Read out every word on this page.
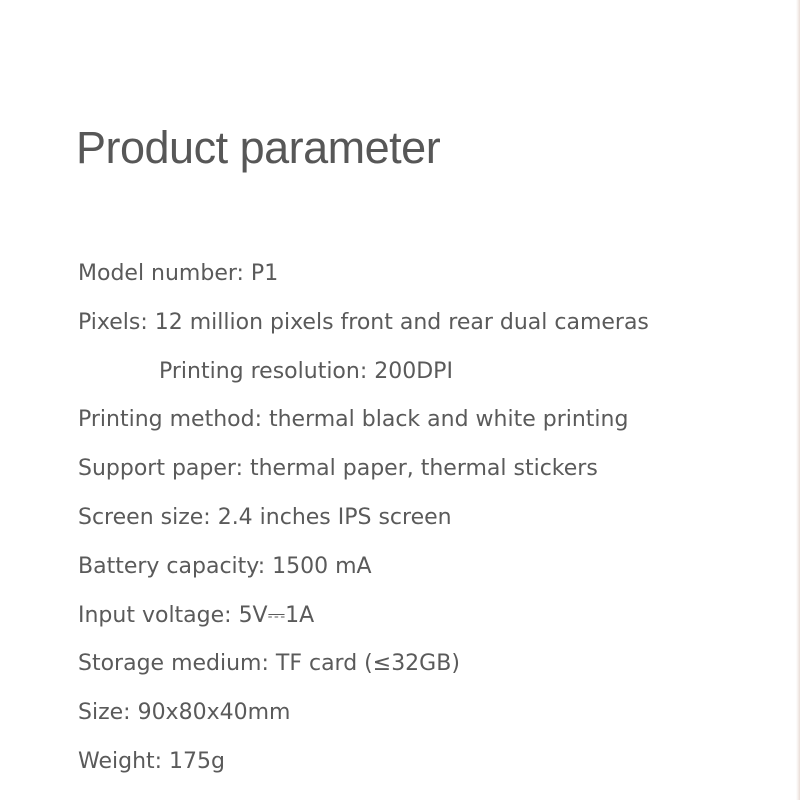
Product parameter
Model number: P1
Pixels: 12 million pixels front and rear dual cameras
Printing resolution: 200DPI
Printing method: thermal black and white printing
Support paper: thermal paper, thermal stickers
Screen size: 2.4 inches IPS screen
Battery capacity: 1500 mA
Input voltage: 5V⎓1A
Storage medium: TF card (≤32GB)
Size: 90x80x40mm
Weight: 175g
